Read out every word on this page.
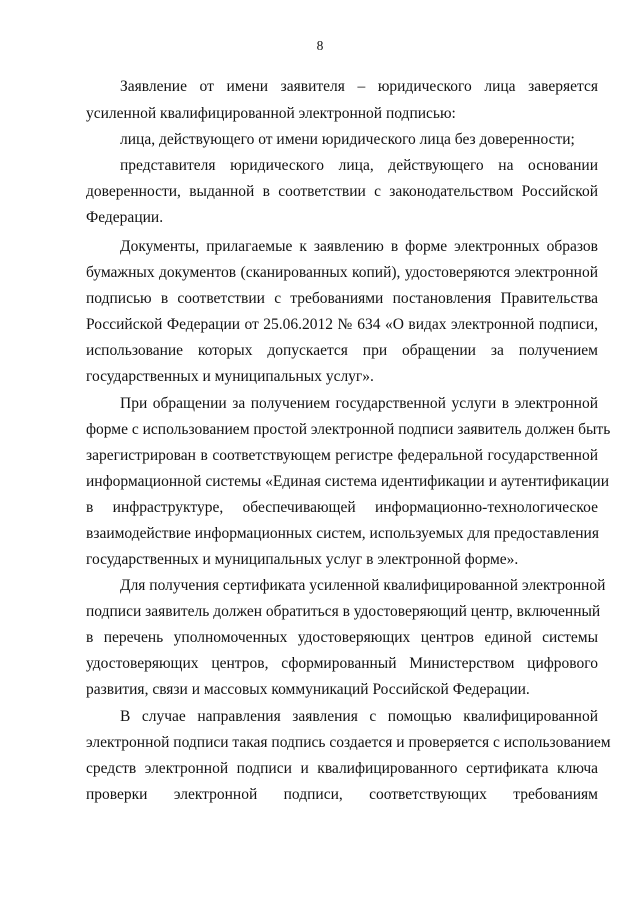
8
Заявление от имени заявителя – юридического лица заверяется
усиленной квалифицированной электронной подписью:
лица, действующего от имени юридического лица без доверенности;
представителя юридического лица, действующего на основании
доверенности, выданной в соответствии с законодательством Российской
Федерации.
Документы, прилагаемые к заявлению в форме электронных образов
бумажных документов (сканированных копий), удостоверяются электронной
подписью в соответствии с требованиями постановления Правительства
Российской Федерации от 25.06.2012 № 634 «О видах электронной подписи,
использование которых допускается при обращении за получением
государственных и муниципальных услуг».
При обращении за получением государственной услуги в электронной
форме с использованием простой электронной подписи заявитель должен быть
зарегистрирован в соответствующем регистре федеральной государственной
информационной системы «Единая система идентификации и аутентификации
в инфраструктуре, обеспечивающей информационно-технологическое
взаимодействие информационных систем, используемых для предоставления
государственных и муниципальных услуг в электронной форме».
Для получения сертификата усиленной квалифицированной электронной
подписи заявитель должен обратиться в удостоверяющий центр, включенный
в перечень уполномоченных удостоверяющих центров единой системы
удостоверяющих центров, сформированный Министерством цифрового
развития, связи и массовых коммуникаций Российской Федерации.
В случае направления заявления с помощью квалифицированной
электронной подписи такая подпись создается и проверяется с использованием
средств электронной подписи и квалифицированного сертификата ключа
проверки электронной подписи, соответствующих требованиям
